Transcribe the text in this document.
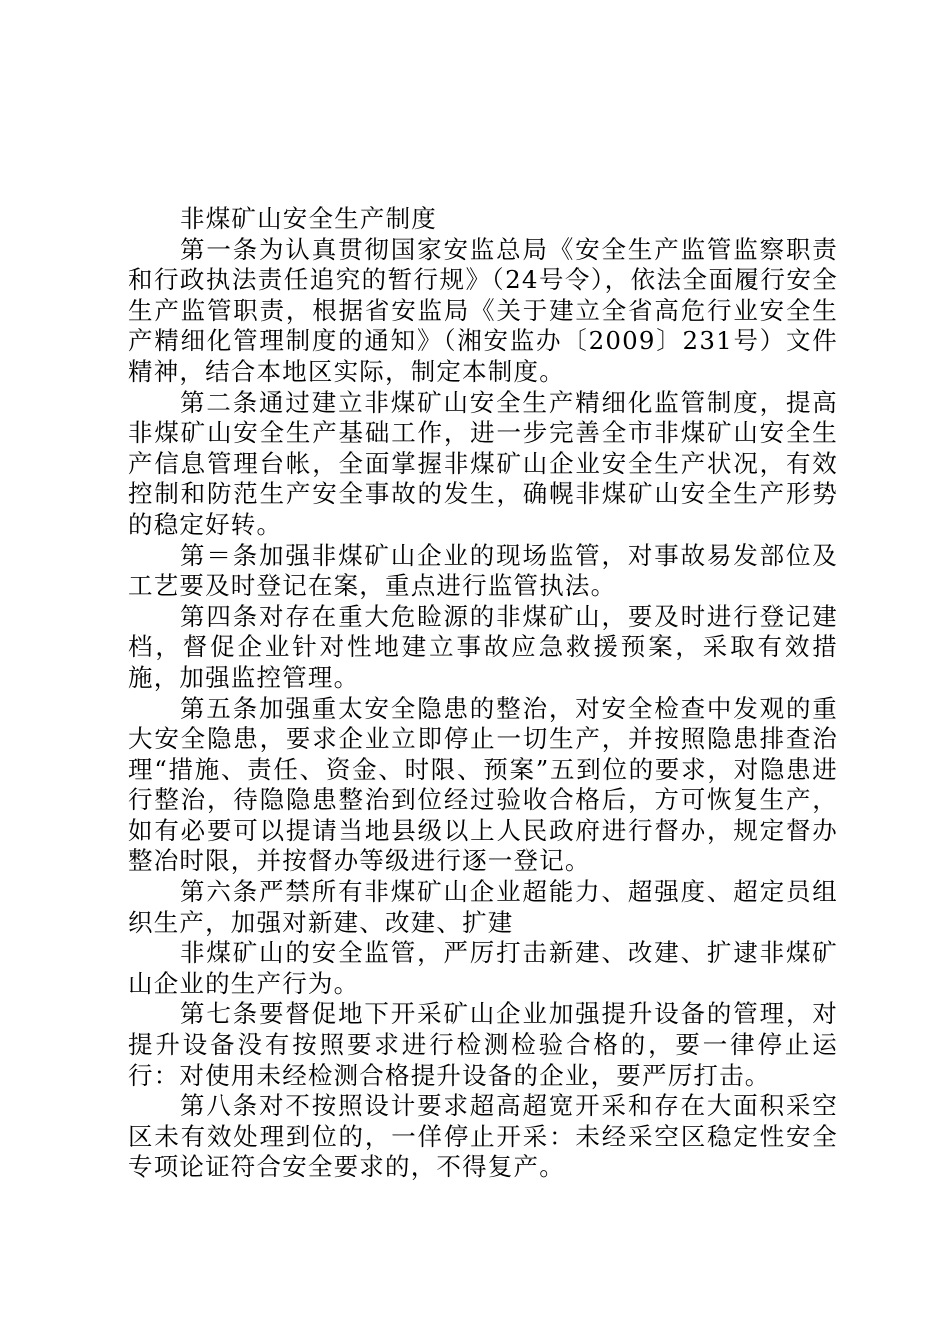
非煤矿山安全生产制度

第一条为认真贯彻国家安监总局《安全生产监管监察职责和行政执法责任追究的暂行规》（24号令），依法全面履行安全生产监管职责，根据省安监局《关于建立全省高危行业安全生产精细化管理制度的通知》（湘安监办〔2009〕231号）文件精神，结合本地区实际，制定本制度。

第二条通过建立非煤矿山安全生产精细化监管制度，提高非煤矿山安全生产基础工作，进一步完善全市非煤矿山安全生产信息管理台帐，全面掌握非煤矿山企业安全生产状况，有效控制和防范生产安全事故的发生，确幌非煤矿山安全生产形势的稳定好转。

第＝条加强非煤矿山企业的现场监管，对事故易发部位及工艺要及时登记在案，重点进行监管执法。

第四条对存在重大危睑源的非煤矿山，要及时进行登记建档，督促企业针对性地建立事故应急救援预案，采取有效措施，加强监控管理。

第五条加强重太安全隐患的整治，对安全检查中发观的重大安全隐患，要求企业立即停止一切生产，并按照隐患排查治理“措施、责任、资金、时限、预案”五到位的要求，对隐患进行整治，待隐隐患整治到位经过验收合格后，方可恢复生产，如有必要可以提请当地县级以上人民政府进行督办，规定督办整冶时限，并按督办等级进行逐一登记。

第六条严禁所有非煤矿山企业超能力、超强度、超定员组织生产，加强对新建、改建、扩建

非煤矿山的安全监管，严厉打击新建、改建、扩逮非煤矿山企业的生产行为。

第七条要督促地下开采矿山企业加强提升设备的管理，对提升设备没有按照要求进行检测检验合格的，要一律停止运行：对使用未经检测合格提升设备的企业，要严厉打击。

第八条对不按照设计要求超高超宽开采和存在大面积采空区未有效处理到位的，一佯停止开采：未经采空区稳定性安全专项论证符合安全要求的，不得复产。
